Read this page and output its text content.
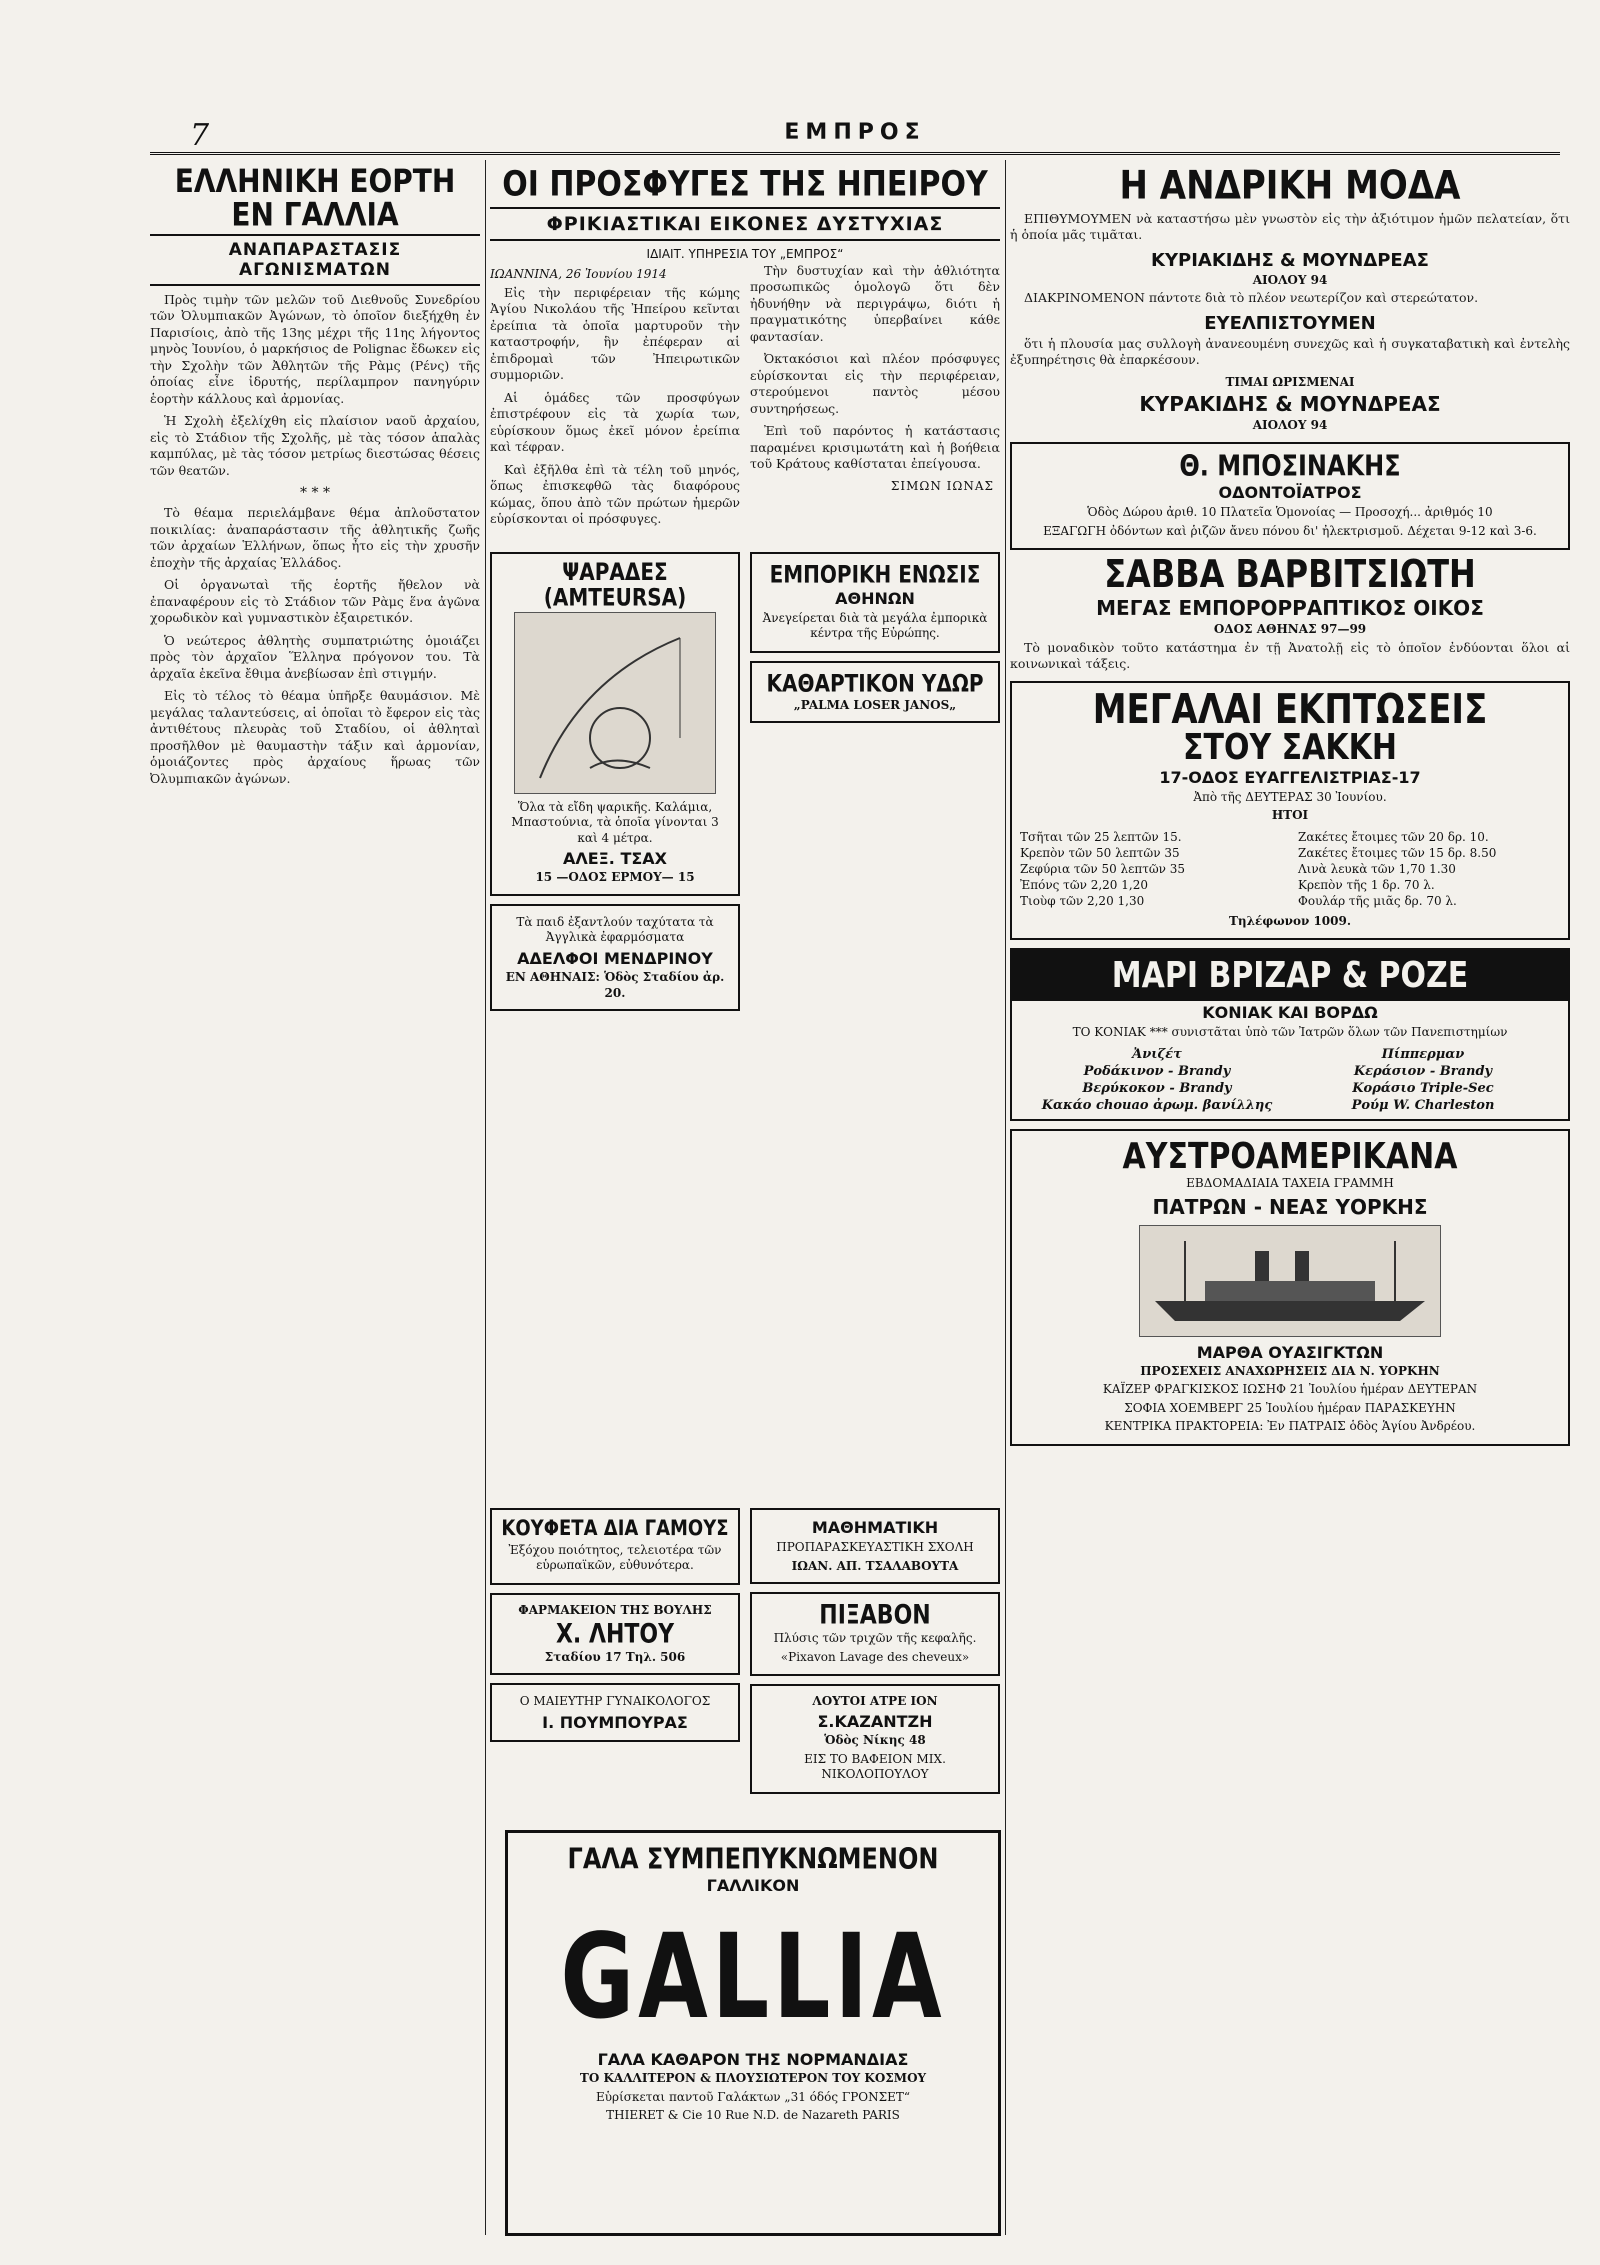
7	ΕΜΠΡΟΣ
ΕΛΛΗΝΙΚΗ ΕΟΡΤΗ ΕΝ ΓΑΛΛΙΑ
ΑΝΑΠΑΡΑΣΤΑΣΙΣ ΑΓΩΝΙΣΜΑΤΩΝ

Πρὸς τιμὴν τῶν μελῶν τοῦ Διεθνοῦς Συνεδρίου τῶν Ὀλυμπιακῶν Ἀγώνων, τὸ ὁποῖον διεξήχθη ἐν Παρισίοις, ἀπὸ τῆς 13ης μέχρι τῆς 11ης λήγοντος μηνὸς Ἰουνίου, ὁ μαρκήσιος de Polignac ἔδωκεν εἰς τὴν Σχολὴν τῶν Ἀθλητῶν τῆς Ρὰμς (Ρένς) τῆς ὁποίας εἶνε ἰδρυτής, περίλαμπρον πανηγύριν ἑορτὴν κάλλους καὶ ἀρμονίας.

Ἡ Σχολὴ ἐξελίχθη εἰς πλαίσιον ναοῦ ἀρχαίου, εἰς τὸ Στάδιον τῆς Σχολῆς, μὲ τὰς τόσον ἁπαλὰς καμπύλας, μὲ τὰς τόσον μετρίως διεστώσας θέσεις τῶν θεατῶν.

* * *

Τὸ θέαμα περιελάμβανε θέμα ἀπλοῦστατον ποικιλίας: ἀναπαράστασιν τῆς ἀθλητικῆς ζωῆς τῶν ἀρχαίων Ἑλλήνων, ὅπως ἦτο εἰς τὴν χρυσῆν ἐποχὴν τῆς ἀρχαίας Ἑλλάδος.

Οἱ ὀργανωταὶ τῆς ἑορτῆς ἤθελον νὰ ἐπαναφέρουν εἰς τὸ Στάδιον τῶν Ρὰμς ἕνα ἀγῶνα χορωδικὸν καὶ γυμναστικὸν ἐξαιρετικόν.

Ὁ νεώτερος ἀθλητὴς συμπατριώτης ὁμοιάζει πρὸς τὸν ἀρχαῖον Ἕλληνα πρόγονον του. Τὰ ἀρχαῖα ἐκεῖνα ἔθιμα ἀνεβίωσαν ἐπὶ στιγμήν.

Εἰς τὸ τέλος τὸ θέαμα ὑπῆρξε θαυμάσιον. Μὲ μεγάλας ταλαντεύσεις, αἱ ὁποῖαι τὸ ἔφερον εἰς τὰς ἀντιθέτους πλευρὰς τοῦ Σταδίου, οἱ ἀθληταὶ προσῆλθον μὲ θαυμαστὴν τάξιν καὶ ἁρμονίαν, ὁμοιάζοντες πρὸς ἀρχαίους ἥρωας τῶν Ὀλυμπιακῶν ἀγώνων.

ΟΙ ΠΡΟΣΦΥΓΕΣ ΤΗΣ ΗΠΕΙΡΟΥ
ΦΡΙΚΙΑΣΤΙΚΑΙ ΕΙΚΟΝΕΣ ΔΥΣΤΥΧΙΑΣ
ΙΔΙΑΙΤ. ΥΠΗΡΕΣΙΑ ΤΟΥ „ΕΜΠΡΟΣ“
ΙΩΑΝΝΙΝΑ, 26 Ἰουνίου 1914

Εἰς τὴν περιφέρειαν τῆς κώμης Ἀγίου Νικολάου τῆς Ἠπείρου κεῖνται ἐρείπια τὰ ὁποῖα μαρτυροῦν τὴν καταστροφήν, ἣν ἐπέφεραν αἱ ἐπιδρομαὶ τῶν Ἠπειρωτικῶν συμμοριῶν.

Αἱ ὁμάδες τῶν προσφύγων ἐπιστρέφουν εἰς τὰ χωρία των, εὑρίσκουν ὅμως ἐκεῖ μόνον ἐρείπια καὶ τέφραν.

Καὶ ἐξῆλθα ἐπὶ τὰ τέλη τοῦ μηνός, ὅπως ἐπισκεφθῶ τὰς διαφόρους κώμας, ὅπου ἀπὸ τῶν πρώτων ἡμερῶν εὑρίσκονται οἱ πρόσφυγες.

Τὴν δυστυχίαν καὶ τὴν ἀθλιότητα προσωπικῶς ὁμολογῶ ὅτι δὲν ἠδυνήθην νὰ περιγράψω, διότι ἡ πραγματικότης ὑπερβαίνει κάθε φαντασίαν.

Ὀκτακόσιοι καὶ πλέον πρόσφυγες εὑρίσκονται εἰς τὴν περιφέρειαν, στερούμενοι παντὸς μέσου συντηρήσεως.

Ἐπὶ τοῦ παρόντος ἡ κατάστασις παραμένει κρισιμωτάτη καὶ ἡ βοήθεια τοῦ Κράτους καθίσταται ἐπείγουσα.

ΣΙΜΩΝ ΙΩΝΑΣ
ΨΑΡΑΔΕΣ (AMTEURSA)
Ὅλα τὰ εἴδη ψαρικῆς. Καλάμια, Μπαστούνια, τὰ ὁποῖα γίνονται 3 καὶ 4 μέτρα.
ΑΛΕΞ. ΤΣΑΧ
15 —ΟΔΟΣ ΕΡΜΟΥ— 15
Τὰ παιδ ἐξαντλούν ταχύτατα τὰ Ἀγγλικὰ ἐφαρμόσματα
ΑΔΕΛΦΟΙ ΜΕΝΔΡΙΝΟΥ
ΕΝ ΑΘΗΝΑΙΣ: Ὁδὸς Σταδίου ἀρ. 20.
ΕΜΠΟΡΙΚΗ ΕΝΩΣΙΣ
ΑΘΗΝΩΝ
Ἀνεγείρεται διὰ τὰ μεγάλα ἐμπορικὰ κέντρα τῆς Εὐρώπης.
ΚΑΘΑΡΤΙΚΟΝ ΥΔΩΡ
„PALMA LOSER JANOS„
ΚΟΥΦΕΤΑ ΔΙΑ ΓΑΜΟΥΣ
Ἐξόχου ποιότητος, τελειοτέρα τῶν εὑρωπαϊκῶν, εὐθυνότερα.
ΦΑΡΜΑΚΕΙΟΝ ΤΗΣ ΒΟΥΛΗΣ
Χ. ΛΗΤΟΥ
Σταδίου 17 Τηλ. 506
Ο ΜΑΙΕΥΤΗΡ ΓΥΝΑΙΚΟΛΟΓΟΣ
Ι. ΠΟΥΜΠΟΥΡΑΣ
ΜΑΘΗΜΑΤΙΚΗ
ΠΡΟΠΑΡΑΣΚΕΥΑΣΤΙΚΗ ΣΧΟΛΗ
ΙΩΑΝ. ΑΠ. ΤΣΑΛΑΒΟΥΤΑ
ΠΙΞΑΒΟΝ
Πλύσις τῶν τριχῶν τῆς κεφαλῆς.
«Pixavon Lavage des cheveux»
ΛΟΥΤΟΙ ΑΤΡΕ ΙΟΝ
Σ.ΚΑΖΑΝΤΖΗ
Ὁδὸς Νίκης 48
ΕΙΣ ΤΟ ΒΑΦΕΙΟΝ ΜΙΧ. ΝΙΚΟΛΟΠΟΥΛΟΥ
ΓΑΛΑ ΣΥΜΠΕΠΥΚΝΩΜΕΝΟΝ
ΓΑΛΛΙΚΟΝ
GALLIA
ΓΑΛΑ ΚΑΘΑΡΟΝ ΤΗΣ ΝΟΡΜΑΝΔΙΑΣ
ΤΟ ΚΑΛΛΙΤΕΡΟΝ & ΠΛΟΥΣΙΩΤΕΡΟΝ ΤΟΥ ΚΟΣΜΟΥ
Εὑρίσκεται παντοῦ Γαλάκτων „31 όδός ΓΡΟΝΣΕΤ“
THIERET & Cie 10 Rue N.D. de Nazareth PARIS
Η ΑΝΔΡΙΚΗ ΜΟΔΑ

ΕΠΙΘΥΜΟΥΜΕΝ νὰ καταστήσω μὲν γνωστὸν εἰς τὴν ἀξιότιμον ἡμῶν πελατείαν, ὅτι ἡ ὁποία μᾶς τιμᾶται.

ΚΥΡΙΑΚΙΔΗΣ & ΜΟΥΝΔΡΕΑΣ
ΑΙΟΛΟΥ 94

ΔΙΑΚΡΙΝΟΜΕΝΟΝ πάντοτε διὰ τὸ πλέον νεωτερίζον καὶ στερεώτατον.

ΕΥΕΛΠΙΣΤΟΥΜΕΝ

ὅτι ἡ πλουσία μας συλλογὴ ἀνανεουμένη συνεχῶς καὶ ἡ συγκαταβατικὴ καὶ ἐντελὴς ἐξυπηρέτησις θὰ ἐπαρκέσουν.

ΤΙΜΑΙ ΩΡΙΣΜΕΝΑΙ
ΚΥΡΑΚΙΔΗΣ & ΜΟΥΝΔΡΕΑΣ
ΑΙΟΛΟΥ 94
Θ. ΜΠΟΣΙΝΑΚΗΣ
ΟΔΟΝΤΟΪΑΤΡΟΣ
Ὁδὸς Δώρου ἀριθ. 10 Πλατεῖα Ὁμονοίας — Προσοχή... ἀριθμός 10
ΕΞΑΓΩΓΗ ὀδόντων καὶ ῥιζῶν ἄνευ πόνου δι' ἠλεκτρισμοῦ. Δέχεται 9-12 καὶ 3-6.
ΣΑΒΒΑ ΒΑΡΒΙΤΣΙΩΤΗ
ΜΕΓΑΣ ΕΜΠΟΡΟΡΡΑΠΤΙΚΟΣ ΟΙΚΟΣ
ΟΔΟΣ ΑΘΗΝΑΣ 97—99

Τὸ μοναδικὸν τοῦτο κατάστημα ἐν τῇ Ἀνατολῇ εἰς τὸ ὁποῖον ἐνδύονται ὅλοι αἱ κοινωνικαὶ τάξεις.

ΜΕΓΑΛΑΙ ΕΚΠΤΩΣΕΙΣ
ΣΤΟΥ ΣΑΚΚΗ
17-ΟΔΟΣ ΕΥΑΓΓΕΛΙΣΤΡΙΑΣ-17
Ἀπὸ τῆς ΔΕΥΤΕΡΑΣ 30 Ἰουνίου.
ΗΤΟΙ
Τσῆται τῶν 25 λεπτῶν 15.	Ζακέτες ἔτοιμες τῶν 20 δρ. 10.
Κρεπὸν τῶν 50 λεπτῶν 35	Ζακέτες ἔτοιμες τῶν 15 δρ. 8.50
Ζεφύρια τῶν 50 λεπτῶν 35	Λινὰ λευκὰ τῶν 1,70 1.30
Ἐπόνς τῶν 2,20 1,20	Κρεπὸν τῆς 1 δρ. 70 λ.
Τιοὺφ τῶν 2,20 1,30	Φουλάρ τῆς μιᾶς δρ. 70 λ.
Τηλέφωνον 1009.
ΜΑΡΙ ΒΡΙΖΑΡ & ΡΟΖΕ
ΚΟΝΙΑΚ ΚΑΙ ΒΟΡΔΩ
ΤΟ ΚΟΝΙΑΚ *** συνιστᾶται ὑπὸ τῶν Ἰατρῶν ὅλων τῶν Πανεπιστημίων
Ἀνιζέτ	Πίππερμαν
Ροδάκινον - Brandy	Κεράσιον - Brandy
Βερύκοκον - Brandy	Κοράσιο Triple-Sec
Κακάο chouao ἀρωμ. βανίλλης	Ρούμ W. Charleston
ΑΥΣΤΡΟΑΜΕΡΙΚΑΝΑ
ΕΒΔΟΜΑΔΙΑΙΑ ΤΑΧΕΙΑ ΓΡΑΜΜΗ
ΠΑΤΡΩΝ - ΝΕΑΣ ΥΟΡΚΗΣ
ΜΑΡΘΑ ΟΥΑΣΙΓΚΤΩΝ
ΠΡΟΣΕΧΕΙΣ ΑΝΑΧΩΡΗΣΕΙΣ ΔΙΑ Ν. ΥΟΡΚΗΝ
ΚΑΪΖΕΡ ΦΡΑΓΚΙΣΚΟΣ ΙΩΣΗΦ 21 Ἰουλίου ἡμέραν ΔΕΥΤΕΡΑΝ
ΣΟΦΙΑ ΧΟΕΜΒΕΡΓ 25 Ἰουλίου ἡμέραν ΠΑΡΑΣΚΕΥΗΝ
ΚΕΝΤΡΙΚΑ ΠΡΑΚΤΟΡΕΙΑ: Ἐν ΠΑΤΡΑΙΣ ὁδὸς Ἁγίου Ἀνδρέου.
